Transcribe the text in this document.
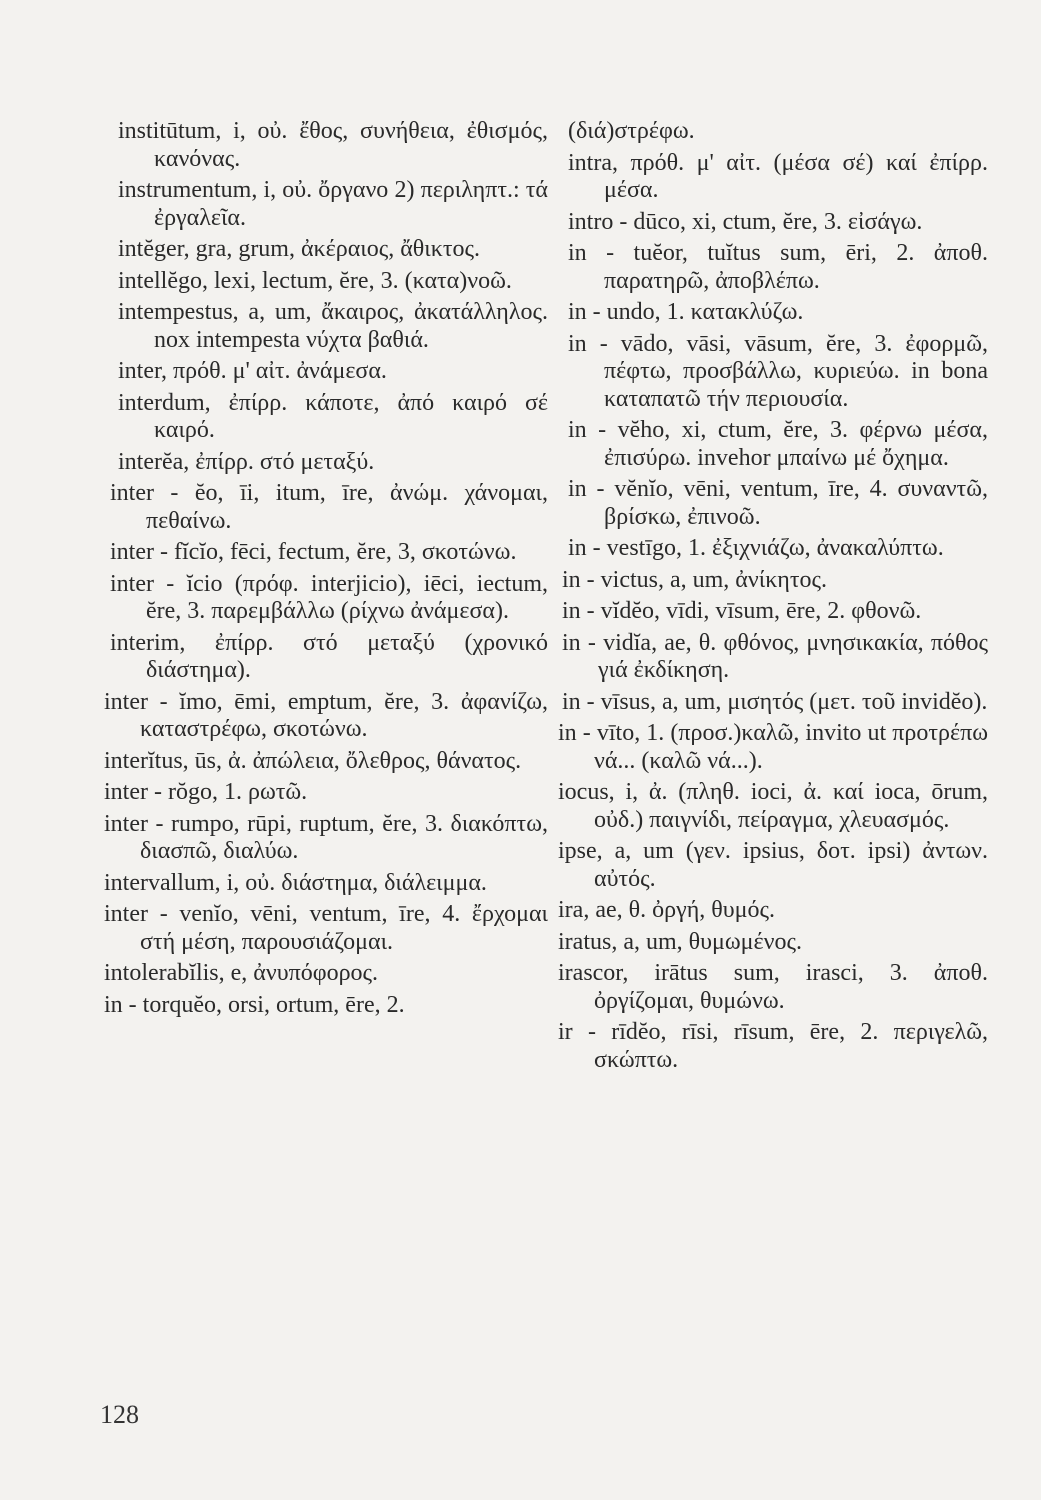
institūtum, i, οὐ. ἔθος, συνήθεια, ἐθισμός, κανόνας.

instrumentum, i, οὐ. ὄργανο 2) περιληπτ.: τά ἐργαλεῖα.

intĕger, gra, grum, ἀκέραιος, ἄθικτος.

intellĕgo, lexi, lectum, ĕre, 3. (κατα)νοῶ.

intempestus, a, um, ἄκαιρος, ἀκατάλληλος. nox intempesta νύχτα βαθιά.

inter, πρόθ. μ' αἰτ. ἀνάμεσα.

interdum, ἐπίρρ. κάποτε, ἀπό καιρό σέ καιρό.

interĕa, ἐπίρρ. στό μεταξύ.

inter - ĕo, īi, itum, īre, ἀνώμ. χάνομαι, πεθαίνω.

inter - fĭcĭo, fēci, fectum, ĕre, 3, σκοτώνω.

inter - ĭcio (πρόφ. interjicio), iēci, iectum, ĕre, 3. παρεμβάλλω (ρίχνω ἀνάμεσα).

interim, ἐπίρρ. στό μεταξύ (χρονικό διάστημα).

inter - ĭmo, ēmi, emptum, ĕre, 3. ἀφανίζω, καταστρέφω, σκοτώνω.

interĭtus, ūs, ἀ. ἀπώλεια, ὄλεθρος, θάνατος.

inter - rŏgo, 1. ρωτῶ.

inter - rumpo, rūpi, ruptum, ĕre, 3. διακόπτω, διασπῶ, διαλύω.

intervallum, i, οὐ. διάστημα, διάλειμμα.

inter - venĭo, vēni, ventum, īre, 4. ἔρχομαι στή μέση, παρουσιάζομαι.

intolerabĭlis, e, ἀνυπόφορος.

in - torquĕo, orsi, ortum, ēre, 2.

(διά)στρέφω.

intra, πρόθ. μ' αἰτ. (μέσα σέ) καί ἐπίρρ. μέσα.

intro - dūco, xi, ctum, ĕre, 3. εἰσάγω.

in - tuĕor, tuĭtus sum, ēri, 2. ἀποθ. παρατηρῶ, ἀποβλέπω.

in - undo, 1. κατακλύζω.

in - vādo, vāsi, vāsum, ĕre, 3. ἐφορμῶ, πέφτω, προσβάλλω, κυριεύω. in bona καταπατῶ τήν περιουσία.

in - vĕho, xi, ctum, ĕre, 3. φέρνω μέσα, ἐπισύρω. invehor μπαίνω μέ ὄχημα.

in - vĕnĭo, vēni, ventum, īre, 4. συναντῶ, βρίσκω, ἐπινοῶ.

in - vestīgo, 1. ἐξιχνιάζω, ἀνακαλύπτω.

in - victus, a, um, ἀνίκητος.

in - vĭdĕo, vīdi, vīsum, ēre, 2. φθονῶ.

in - vidĭa, ae, θ. φθόνος, μνησικακία, πόθος γιά ἐκδίκηση.

in - vīsus, a, um, μισητός (μετ. τοῦ invidĕo).

in - vīto, 1. (προσ.)καλῶ, invito ut προτρέπω νά... (καλῶ νά...).

iocus, i, ἀ. (πληθ. ioci, ἀ. καί ioca, ōrum, οὐδ.) παιγνίδι, πείραγμα, χλευασμός.

ipse, a, um (γεν. ipsius, δοτ. ipsi) ἀντων. αὐτός.

ira, ae, θ. ὀργή, θυμός.

iratus, a, um, θυμωμένος.

irascor, irātus sum, irasci, 3. ἀποθ. ὀργίζομαι, θυμώνω.

ir - rīdĕo, rīsi, rīsum, ēre, 2. περιγελῶ, σκώπτω.

128
